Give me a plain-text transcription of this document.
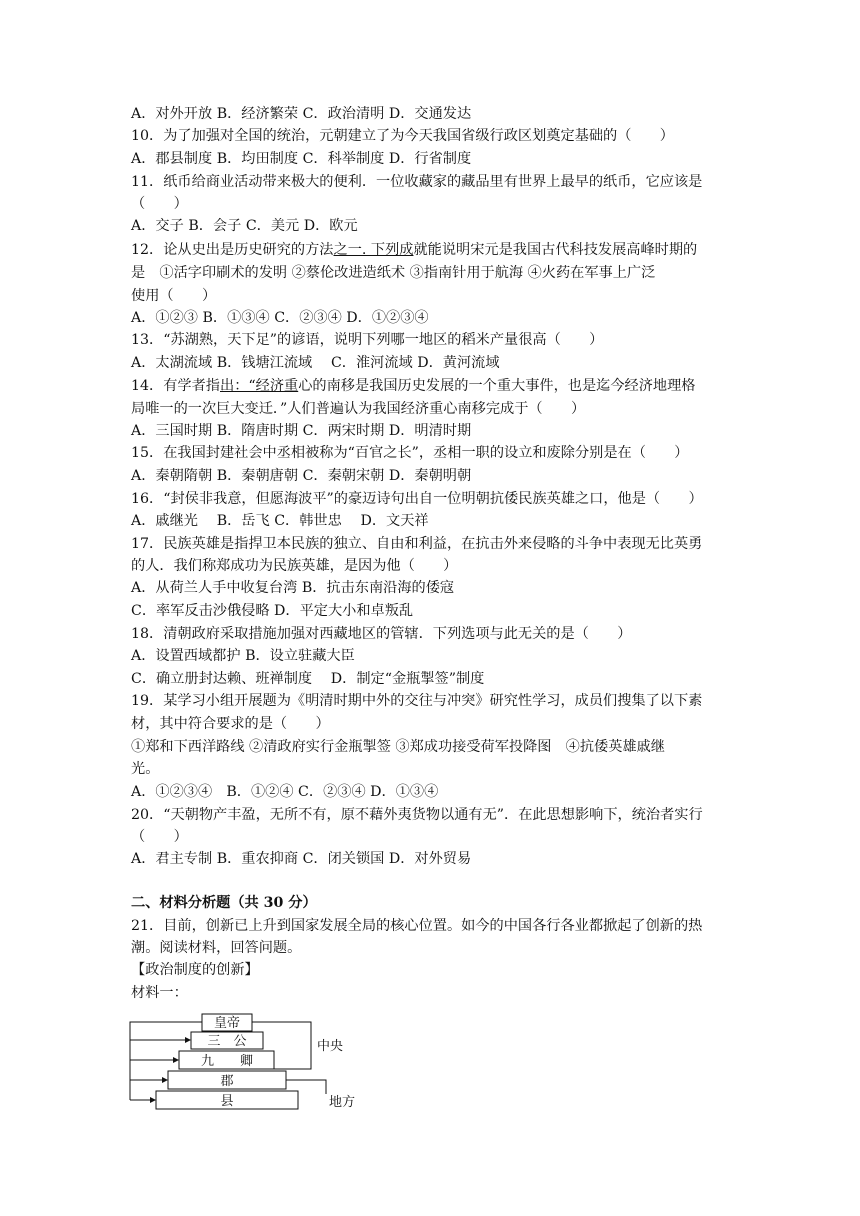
A．对外开放 B．经济繁荣 C．政治清明 D．交通发达
10．为了加强对全国的统治，元朝建立了为今天我国省级行政区划奠定基础的（　　）
A．郡县制度 B．均田制度 C．科举制度 D．行省制度
11．纸币给商业活动带来极大的便利．一位收藏家的藏品里有世界上最早的纸币，它应该是
（　　）
A．交子 B．会子 C．美元 D．欧元
12．论从史出是历史研究的方法之一. 下列成就能说明宋元是我国古代科技发展高峰时期的
是　①活字印刷术的发明 ②蔡伦改进造纸术 ③指南针用于航海 ④火药在军事上广泛
使用（　　）
A．①②③ B．①③④ C．②③④ D．①②③④
13．“苏湖熟，天下足”的谚语，说明下列哪一地区的稻米产量很高（　　）
A．太湖流域 B．钱塘江流域　 C．淮河流域 D．黄河流域
14．有学者指出：“经济重心的南移是我国历史发展的一个重大事件，也是迄今经济地理格
局唯一的一次巨大变迁．”人们普遍认为我国经济重心南移完成于（　　）
A．三国时期 B．隋唐时期 C．两宋时期 D．明清时期
15．在我国封建社会中丞相被称为“百官之长”，丞相一职的设立和废除分别是在（　　）
A．秦朝隋朝 B．秦朝唐朝 C．秦朝宋朝 D．秦朝明朝
16．“封侯非我意，但愿海波平”的豪迈诗句出自一位明朝抗倭民族英雄之口，他是（　　）
A．戚继光　 B．岳飞 C．韩世忠　 D．文天祥
17．民族英雄是指捍卫本民族的独立、自由和利益，在抗击外来侵略的斗争中表现无比英勇
的人．我们称郑成功为民族英雄，是因为他（　　）
A．从荷兰人手中收复台湾 B．抗击东南沿海的倭寇
C．率军反击沙俄侵略 D．平定大小和卓叛乱
18．清朝政府采取措施加强对西藏地区的管辖．下列选项与此无关的是（　　）
A．设置西域都护 B．设立驻藏大臣
C．确立册封达赖、班禅制度　 D．制定“金瓶掣签”制度
19．某学习小组开展题为《明清时期中外的交往与冲突》研究性学习，成员们搜集了以下素
材，其中符合要求的是（　　）
①郑和下西洋路线 ②清政府实行金瓶掣签 ③郑成功接受荷军投降图　④抗倭英雄戚继
光。
A．①②③④　B．①②④ C．②③④ D．①③④
20．“天朝物产丰盈，无所不有，原不藉外夷货物以通有无”．在此思想影响下，统治者实行
（　　）
A．君主专制 B．重农抑商 C．闭关锁国 D．对外贸易
二、材料分析题（共 30 分）
21．目前，创新已上升到国家发展全局的核心位置。如今的中国各行各业都掀起了创新的热
潮。阅读材料，回答问题。
【政治制度的创新】
材料一：
皇帝
三　公
九　　卿
郡
县
中央
地方
